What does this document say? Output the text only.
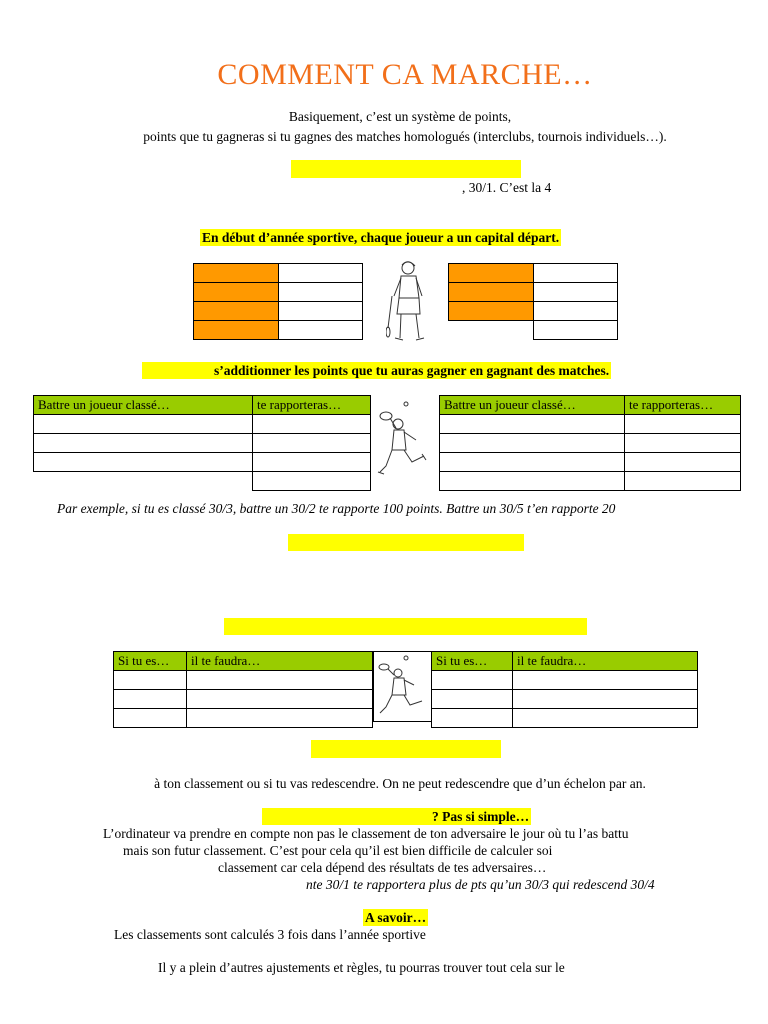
COMMENT CA MARCHE…
Basiquement, c’est un système de points,
points que tu gagneras si tu gagnes des matches homologués (interclubs, tournois individuels…).
, 30/1. C’est la 4
En début d’année sportive, chaque joueur a un capital départ.

s’additionner les points que tu auras gagner en gagnant des matches.
Battre un joueur classé…	te rapporteras…

		Battre un joueur classé…	te rapporteras…

Par exemple, si tu es classé 30/3, battre un 30/2 te rapporte 100 points. Battre un 30/5 t’en rapporte 20
Si tu es…	il te faudra…

		Si tu es…	il te faudra…

à ton classement ou si tu vas redescendre. On ne peut redescendre que d’un échelon par an.
? Pas si simple…
L’ordinateur va prendre en compte non pas le classement de ton adversaire le jour où tu l’as battu
mais son futur classement. C’est pour cela qu’il est bien difficile de calculer soi
classement car cela dépend des résultats de tes adversaires…
nte 30/1 te rapportera plus de pts qu’un 30/3 qui redescend 30/4
A savoir…
Les classements sont calculés 3 fois dans l’année sportive
Il y a plein d’autres ajustements et règles, tu pourras trouver tout cela sur le
